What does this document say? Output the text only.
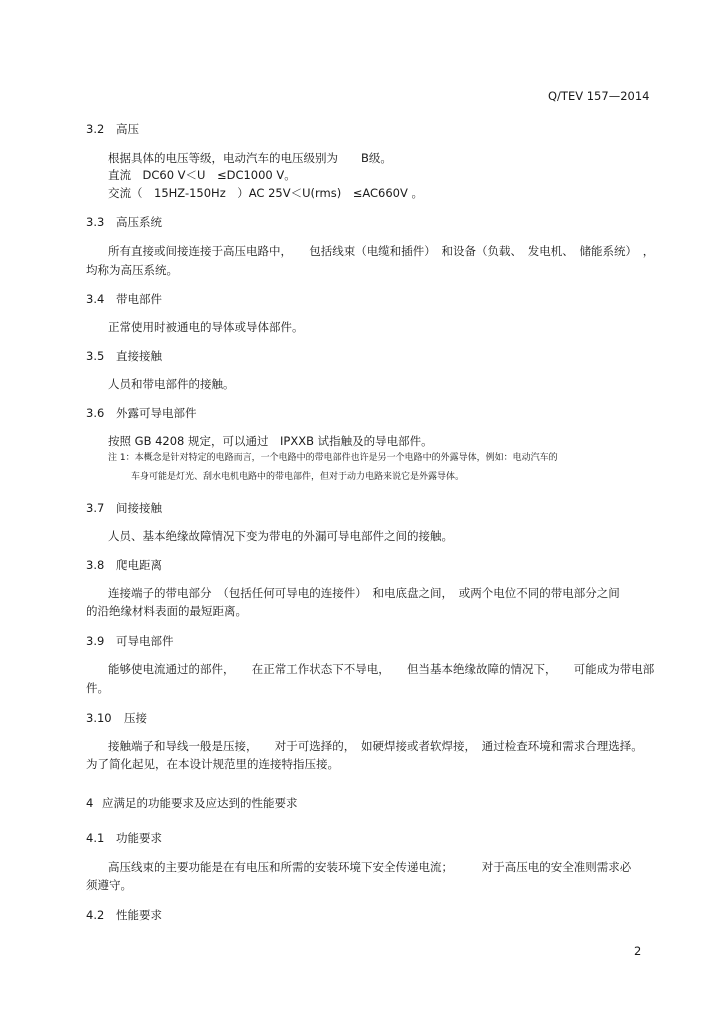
Q/TEV 157—2014
3.2 高压
根据具体的电压等级，电动汽车的电压级别为　　B级。
直流　DC60 V＜U　≤DC1000 V。
交流（　15HZ-150Hz　）AC 25V＜U(rms)　≤AC660V 。
3.3 高压系统
所有直接或间接连接于高压电路中，　　包括线束（电缆和插件）　和设备（负载、　发电机、　储能系统）　，
均称为高压系统。
3.4 带电部件
正常使用时被通电的导体或导体部件。
3.5 直接接触
人员和带电部件的接触。
3.6 外露可导电部件
按照 GB 4208 规定，可以通过　IPXXB 试指触及的导电部件。
注 1：本概念是针对特定的电路而言，一个电路中的带电部件也许是另一个电路中的外露导体，例如：电动汽车的
车身可能是灯光、刮水电机电路中的带电部件，但对于动力电路来说它是外露导体。
3.7 间接接触
人员、基本绝缘故障情况下变为带电的外漏可导电部件之间的接触。
3.8 爬电距离
连接端子的带电部分　（包括任何可导电的连接件）　和电底盘之间，　或两个电位不同的带电部分之间
的沿绝缘材料表面的最短距离。
3.9 可导电部件
能够使电流通过的部件，　　在正常工作状态下不导电，　　但当基本绝缘故障的情况下，　　可能成为带电部
件。
3.10 压接
接触端子和导线一般是压接，　　对于可选择的，　如硬焊接或者软焊接，　通过检查环境和需求合理选择。
为了简化起见，在本设计规范里的连接特指压接。
4 应满足的功能要求及应达到的性能要求
4.1 功能要求
高压线束的主要功能是在有电压和所需的安装环境下安全传递电流；　　　对于高压电的安全准则需求必
须遵守。
4.2 性能要求
2
